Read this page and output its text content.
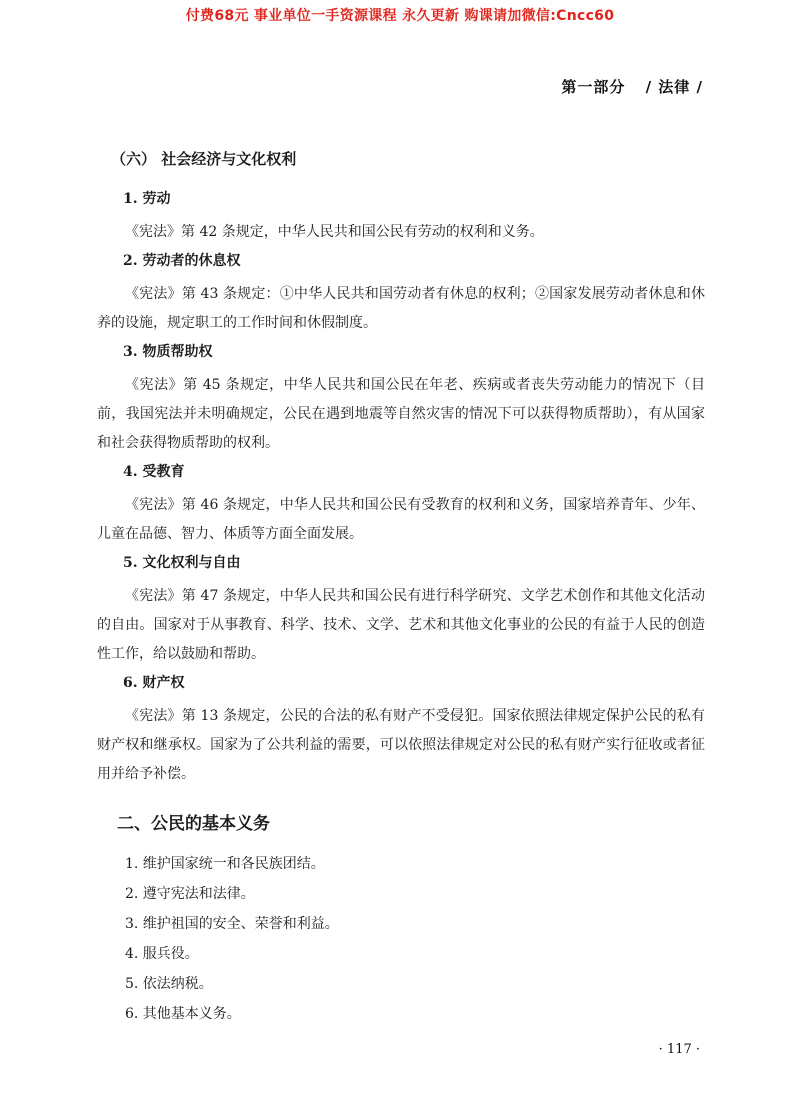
付费68元 事业单位一手资源课程 永久更新 购课请加微信:Cncc60
第一部分 / 法律 /
（六） 社会经济与文化权利
1. 劳动

《宪法》第 42 条规定，中华人民共和国公民有劳动的权利和义务。

2. 劳动者的休息权

《宪法》第 43 条规定：①中华人民共和国劳动者有休息的权利；②国家发展劳动者休息和休养的设施，规定职工的工作时间和休假制度。

3. 物质帮助权

《宪法》第 45 条规定，中华人民共和国公民在年老、疾病或者丧失劳动能力的情况下（目前，我国宪法并未明确规定，公民在遇到地震等自然灾害的情况下可以获得物质帮助），有从国家和社会获得物质帮助的权利。

4. 受教育

《宪法》第 46 条规定，中华人民共和国公民有受教育的权利和义务，国家培养青年、少年、儿童在品德、智力、体质等方面全面发展。

5. 文化权利与自由

《宪法》第 47 条规定，中华人民共和国公民有进行科学研究、文学艺术创作和其他文化活动的自由。国家对于从事教育、科学、技术、文学、艺术和其他文化事业的公民的有益于人民的创造性工作，给以鼓励和帮助。

6. 财产权

《宪法》第 13 条规定，公民的合法的私有财产不受侵犯。国家依照法律规定保护公民的私有财产权和继承权。国家为了公共利益的需要，可以依照法律规定对公民的私有财产实行征收或者征用并给予补偿。

二、公民的基本义务
1. 维护国家统一和各民族团结。
2. 遵守宪法和法律。
3. 维护祖国的安全、荣誉和利益。
4. 服兵役。
5. 依法纳税。
6. 其他基本义务。
· 117 ·
